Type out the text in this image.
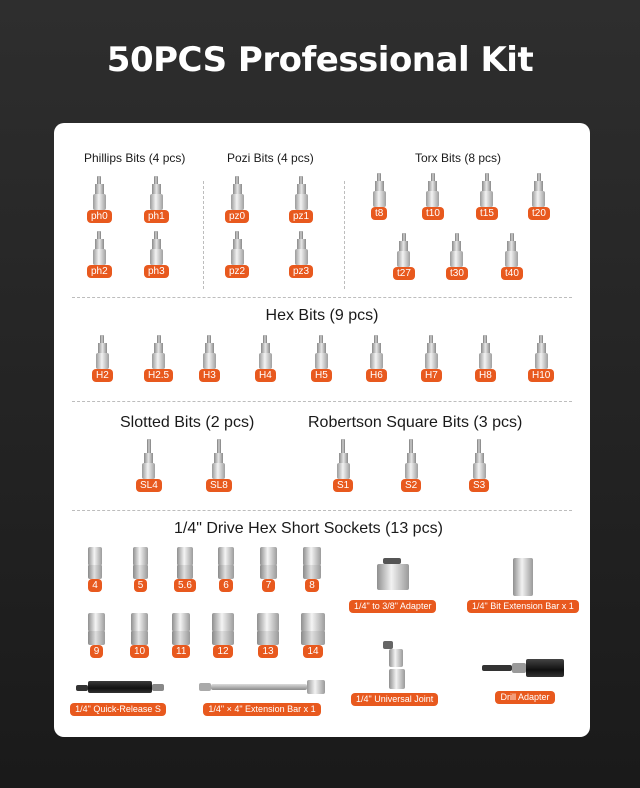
50PCS Professional Kit
Phillips Bits (4 pcs)	Pozi Bits (4 pcs)	Torx Bits (8 pcs)
ph0	ph1
ph2	ph3
pz0	pz1
pz2	pz3
t8	t10	t15	t20
t27	t30	t40
Hex Bits (9 pcs)
H2	H2.5	H3	H4	H5	H6	H7	H8	H10
Slotted Bits (2 pcs)	Robertson Square Bits (3 pcs)
SL4	SL8	S1	S2	S3
1/4" Drive Hex Short Sockets (13 pcs)
4	5	5.6	6	7	8
9	10	11	12	13	14
1/4" to 3/8" Adapter	1/4" Bit Extension Bar x 1
1/4" Universal Joint	Drill Adapter
1/4" Quick-Release S	1/4" × 4" Extension Bar x 1
